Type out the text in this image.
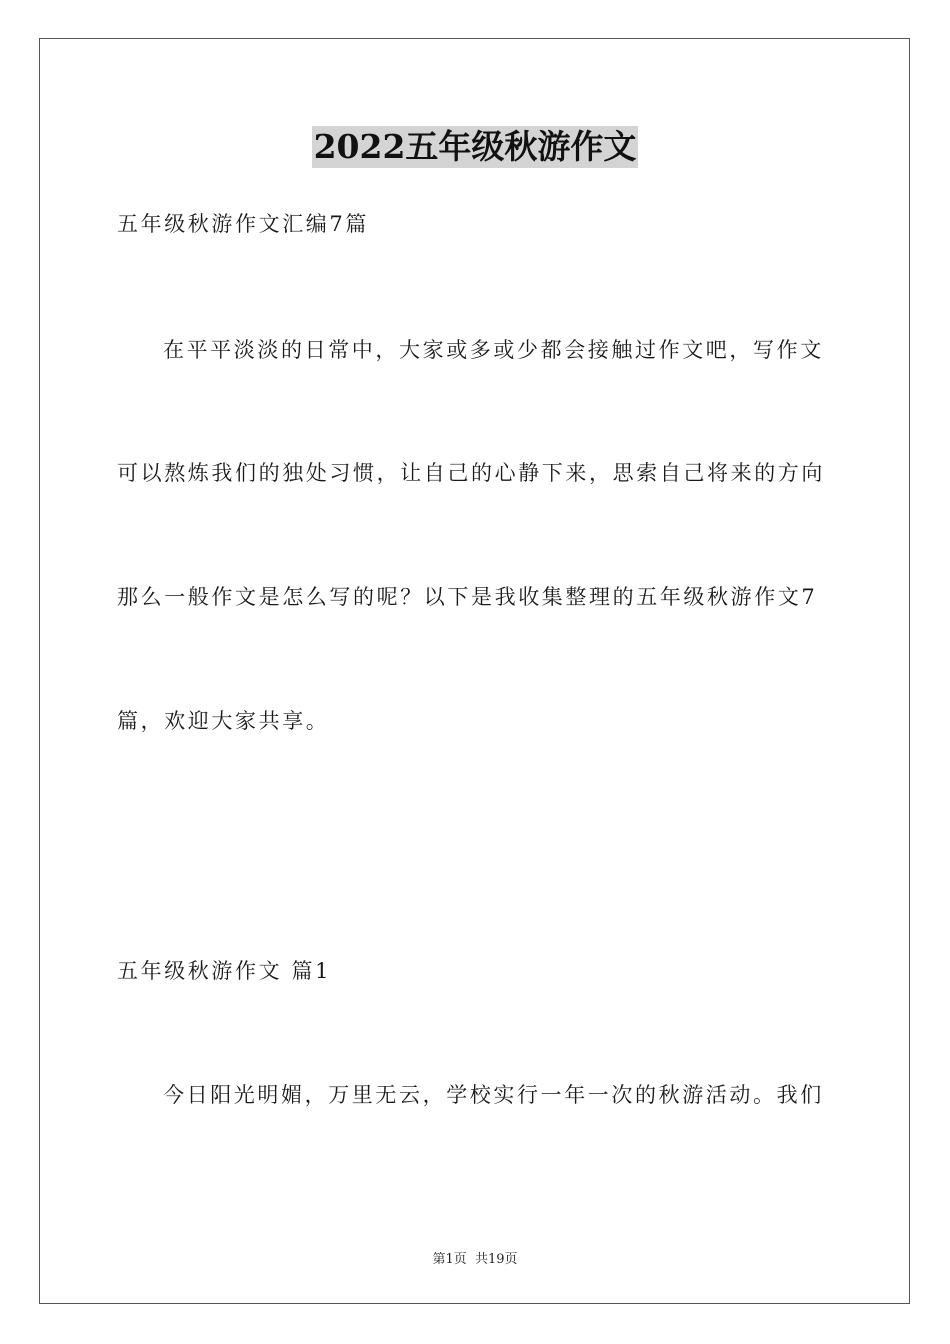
2022五年级秋游作文
五年级秋游作文汇编7篇
在平平淡淡的日常中，大家或多或少都会接触过作文吧，写作文
可以熬炼我们的独处习惯，让自己的心静下来，思索自己将来的方向
那么一般作文是怎么写的呢？以下是我收集整理的五年级秋游作文7
篇，欢迎大家共享。
五年级秋游作文 篇1
今日阳光明媚，万里无云，学校实行一年一次的秋游活动。我们
第1页 共19页
